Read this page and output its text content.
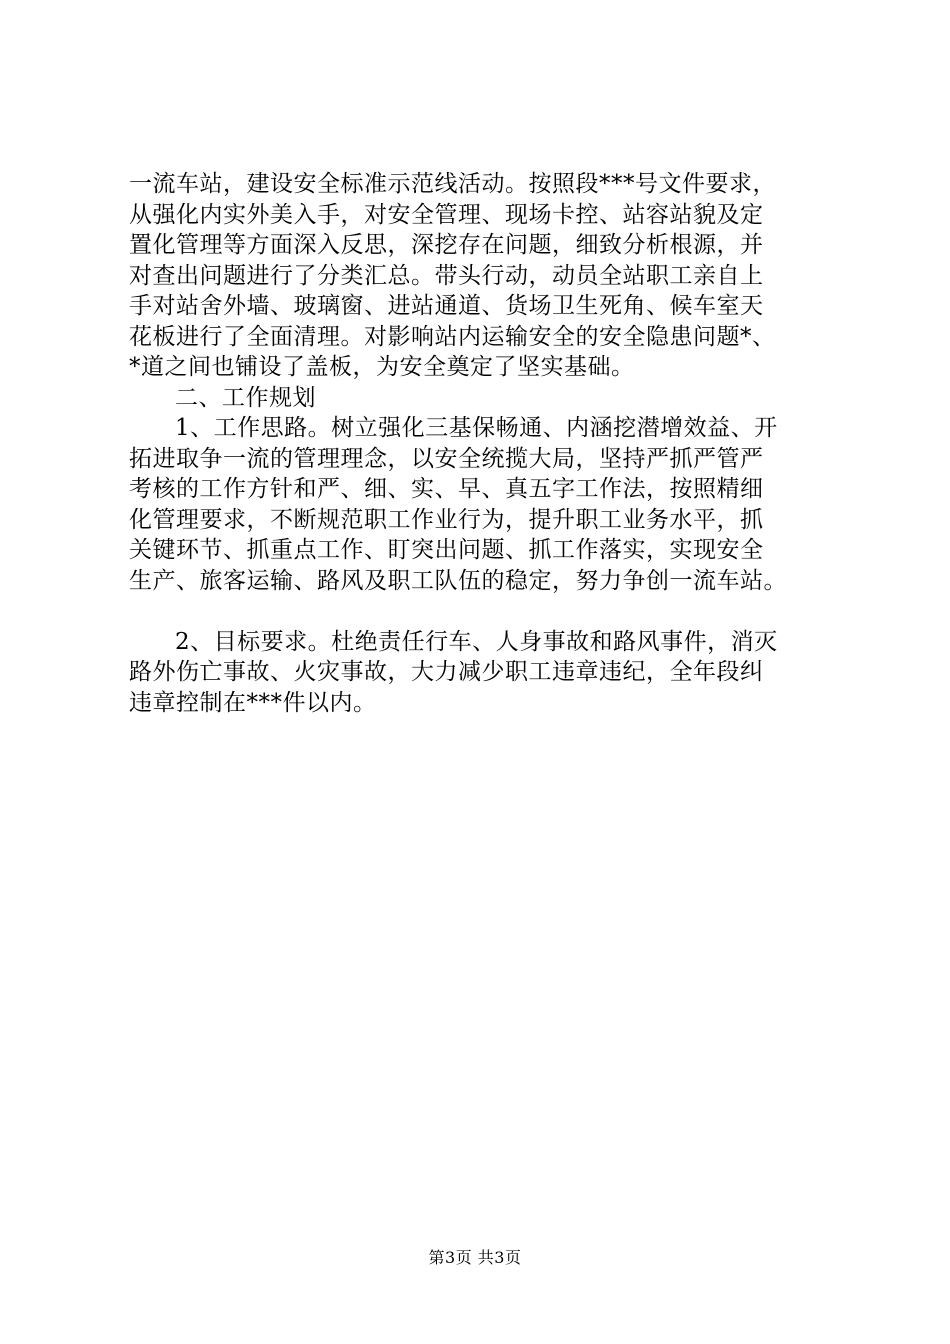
一流车站，建设安全标准示范线活动。按照段***号文件要求，
从强化内实外美入手，对安全管理、现场卡控、站容站貌及定
置化管理等方面深入反思，深挖存在问题，细致分析根源，并
对查出问题进行了分类汇总。带头行动，动员全站职工亲自上
手对站舍外墙、玻璃窗、进站通道、货场卫生死角、候车室天
花板进行了全面清理。对影响站内运输安全的安全隐患问题*、
*道之间也铺设了盖板，为安全奠定了坚实基础。
二、工作规划
1、工作思路。树立强化三基保畅通、内涵挖潜增效益、开
拓进取争一流的管理理念，以安全统揽大局，坚持严抓严管严
考核的工作方针和严、细、实、早、真五字工作法，按照精细
化管理要求，不断规范职工作业行为，提升职工业务水平，抓
关键环节、抓重点工作、盯突出问题、抓工作落实，实现安全
生产、旅客运输、路风及职工队伍的稳定，努力争创一流车站。
2、目标要求。杜绝责任行车、人身事故和路风事件，消灭
路外伤亡事故、火灾事故，大力减少职工违章违纪，全年段纠
违章控制在***件以内。
第3页 共3页
